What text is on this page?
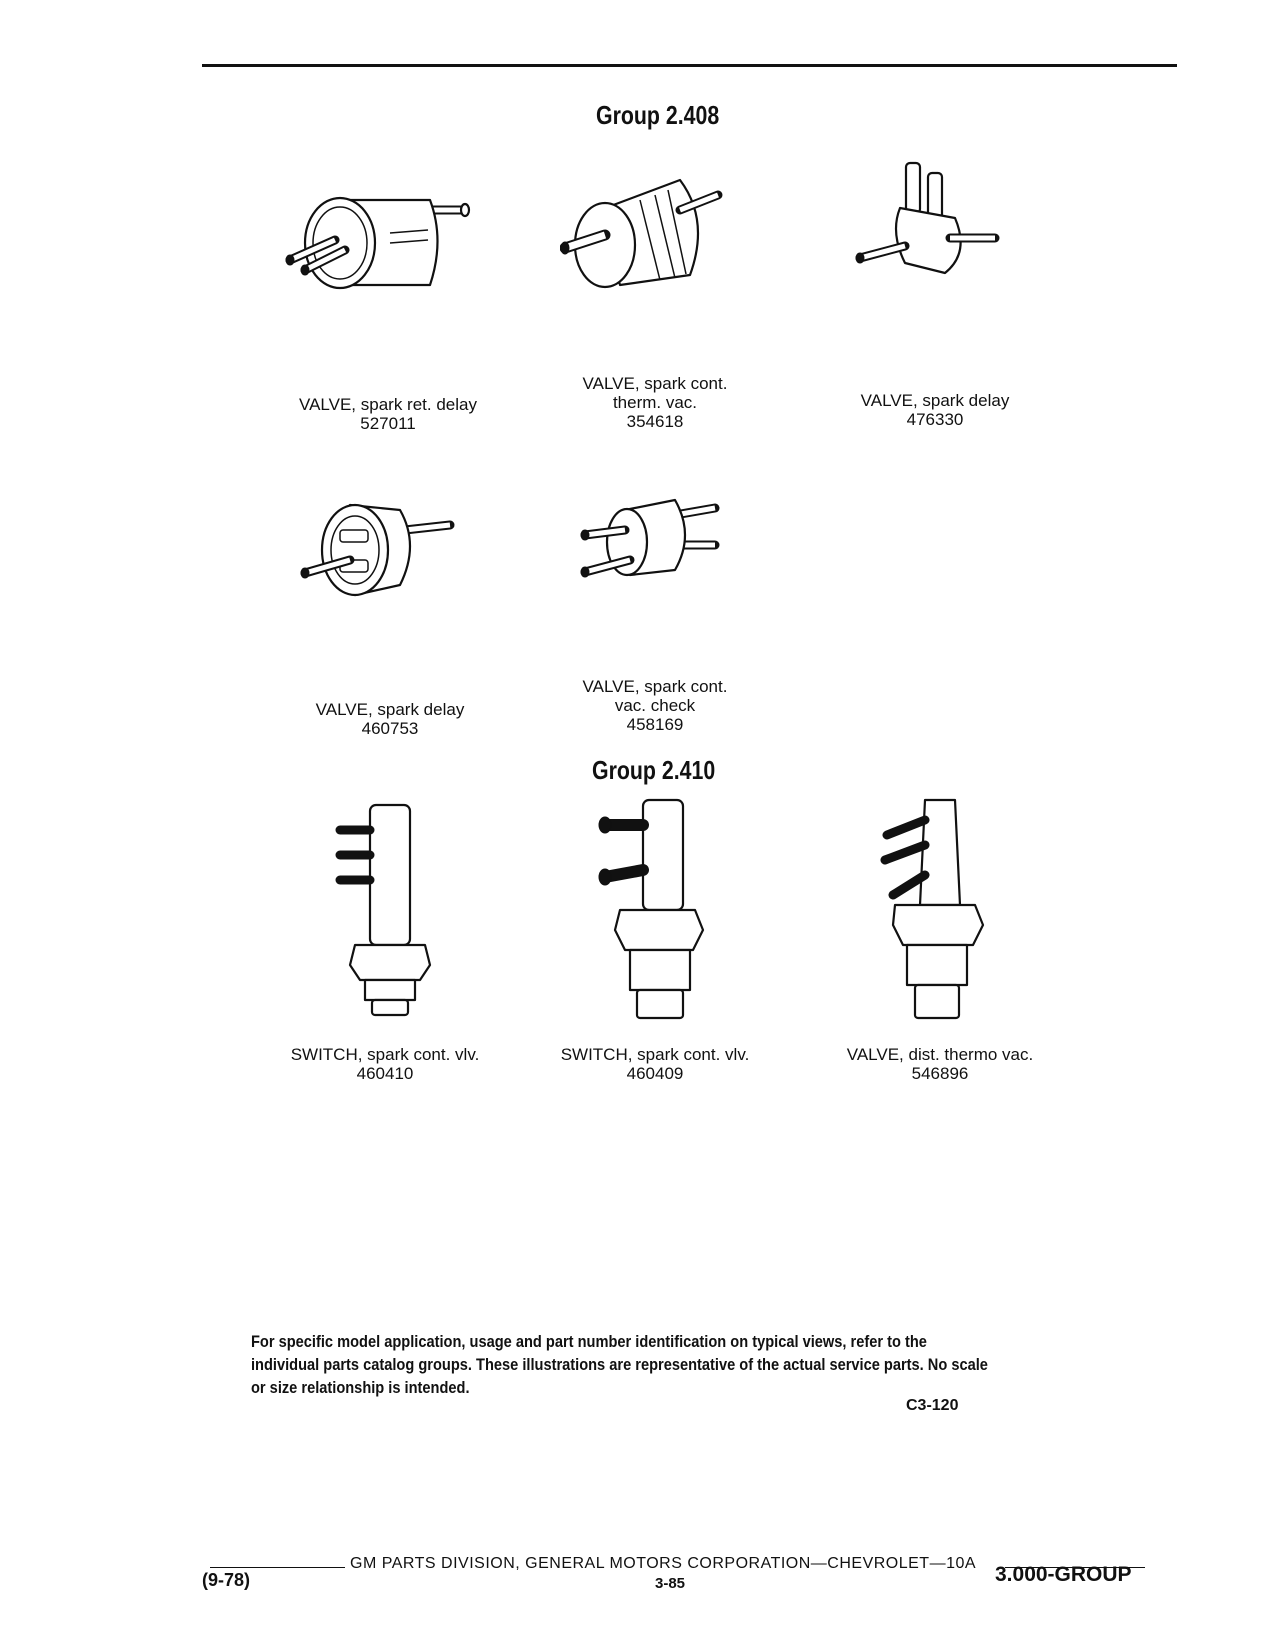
Group 2.408
VALVE, spark ret. delay
527011
VALVE, spark cont.
therm. vac.
354618
VALVE, spark delay
476330
VALVE, spark delay
460753
VALVE, spark cont.
vac. check
458169
Group 2.410
SWITCH, spark cont. vlv.
460410
SWITCH, spark cont. vlv.
460409
VALVE, dist. thermo vac.
546896
For specific model application, usage and part number identification on typical views, refer to the individual parts catalog groups. These illustrations are representative of the actual service parts. No scale or size relationship is intended.
C3-120
GM PARTS DIVISION, GENERAL MOTORS CORPORATION—CHEVROLET—10A
(9-78)	3-85	3.000-GROUP
